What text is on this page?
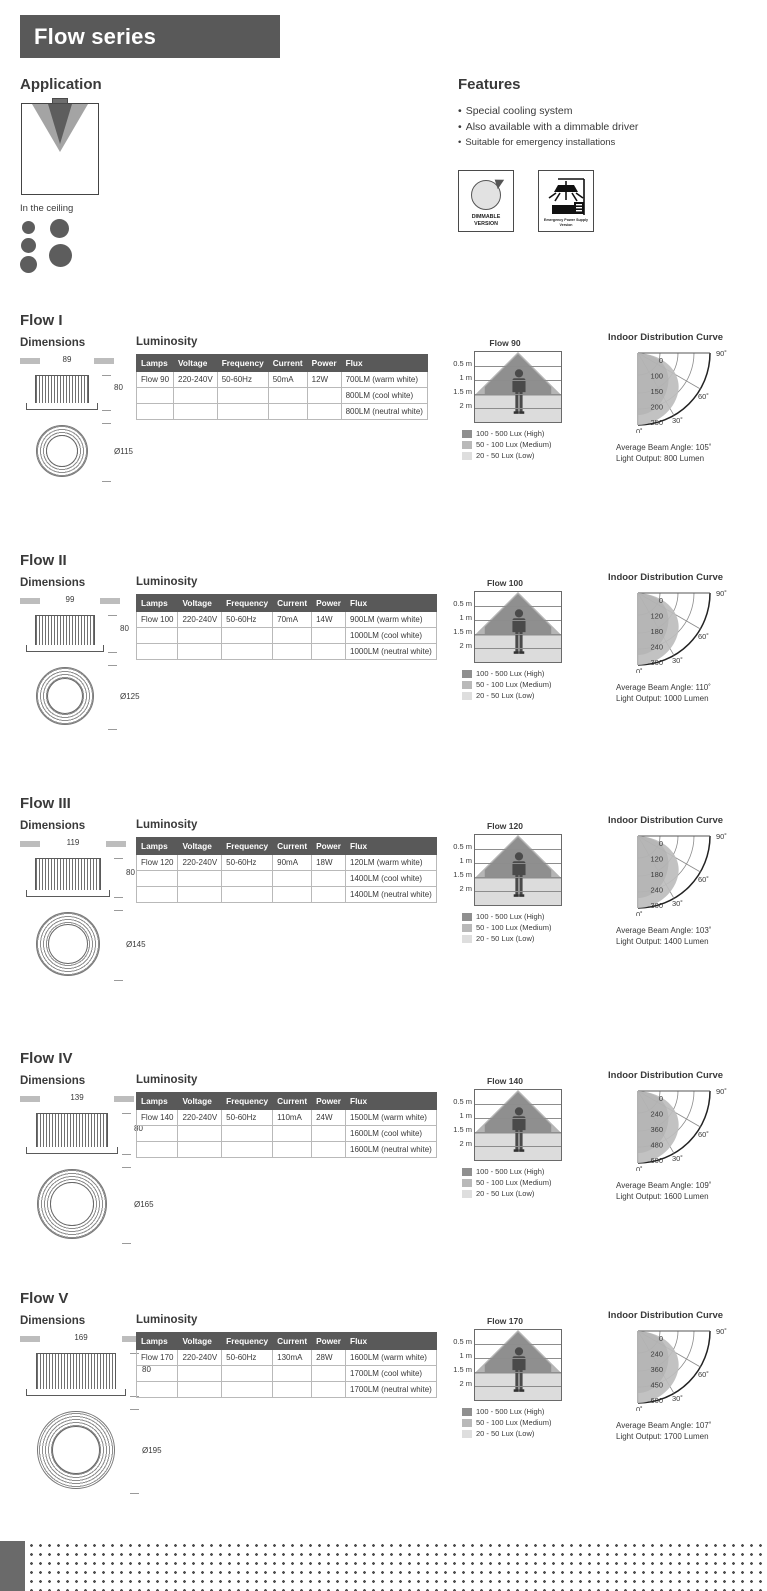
Flow series
Application
In the ceiling
Features
• Special cooling system
• Also available with a dimmable driver
• Suitable for emergency installations
DIMMABLE
VERSION
Emergency Power Supply
Version
Flow I
Dimensions
89
80
Ø115
Luminosity
Lamps	Voltage	Frequency	Current	Power	Flux
Flow 90	220-240V	50-60Hz	50mA	12W	700LM (warm white)
					800LM (cool white)
					800LM (neutral white)
Flow 90
0.5 m
1 m
1.5 m
2 m
100 - 500 Lux (High)
50 - 100 Lux (Medium)
20 - 50 Lux (Low)
Indoor Distribution Curve
90˚
60˚
30˚
0˚
0
100
150
200
250
Average Beam Angle: 105˚
Light Output: 800 Lumen
Flow II
Dimensions
99
80
Ø125
Luminosity
Lamps	Voltage	Frequency	Current	Power	Flux
Flow 100	220-240V	50-60Hz	70mA	14W	900LM (warm white)
					1000LM (cool white)
					1000LM (neutral white)
Flow 100
0.5 m
1 m
1.5 m
2 m
100 - 500 Lux (High)
50 - 100 Lux (Medium)
20 - 50 Lux (Low)
Indoor Distribution Curve
90˚
60˚
30˚
0˚
0
120
180
240
300
Average Beam Angle: 110˚
Light Output: 1000 Lumen
Flow III
Dimensions
119
80
Ø145
Luminosity
Lamps	Voltage	Frequency	Current	Power	Flux
Flow 120	220-240V	50-60Hz	90mA	18W	120LM (warm white)
					1400LM (cool white)
					1400LM (neutral white)
Flow 120
0.5 m
1 m
1.5 m
2 m
100 - 500 Lux (High)
50 - 100 Lux (Medium)
20 - 50 Lux (Low)
Indoor Distribution Curve
90˚
60˚
30˚
0˚
0
120
180
240
300
Average Beam Angle: 103˚
Light Output: 1400 Lumen
Flow IV
Dimensions
139
80
Ø165
Luminosity
Lamps	Voltage	Frequency	Current	Power	Flux
Flow 140	220-240V	50-60Hz	110mA	24W	1500LM (warm white)
					1600LM (cool white)
					1600LM (neutral white)
Flow 140
0.5 m
1 m
1.5 m
2 m
100 - 500 Lux (High)
50 - 100 Lux (Medium)
20 - 50 Lux (Low)
Indoor Distribution Curve
90˚
60˚
30˚
0˚
0
240
360
480
600
Average Beam Angle: 109˚
Light Output: 1600 Lumen
Flow V
Dimensions
169
80
Ø195
Luminosity
Lamps	Voltage	Frequency	Current	Power	Flux
Flow 170	220-240V	50-60Hz	130mA	28W	1600LM (warm white)
					1700LM (cool white)
					1700LM (neutral white)
Flow 170
0.5 m
1 m
1.5 m
2 m
100 - 500 Lux (High)
50 - 100 Lux (Medium)
20 - 50 Lux (Low)
Indoor Distribution Curve
90˚
60˚
30˚
0˚
0
240
360
450
600
Average Beam Angle: 107˚
Light Output: 1700 Lumen
